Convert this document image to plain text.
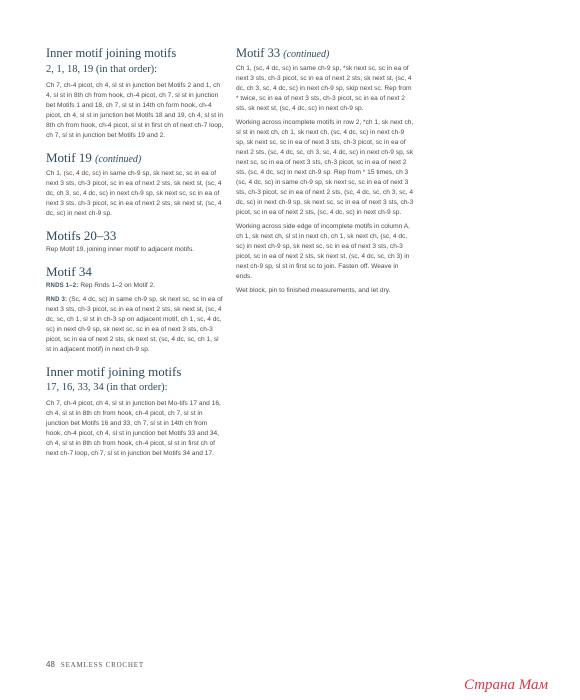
Inner motif joining motifs
2, 1, 18, 19 (in that order):

Ch 7, ch-4 picot, ch 4, sl st in junction bet Motifs 2 and 1, ch 4, sl st in 8th ch from hook, ch-4 picot, ch 7, sl st in junction bet Motifs 1 and 18, ch 7, sl st in 14th ch form hook, ch-4 picot, ch 4, sl st in junction bet Motifs 18 and 19, ch 4, sl st in 8th ch from hook, ch-4 picot, sl st in first ch of next ch-7 loop, ch 7, sl st in junction bet Motifs 19 and 2.

Motif 19 (continued)

Ch 1, (sc, 4 dc, sc) in same ch-9 sp, sk next sc, sc in ea of next 3 sts, ch-3 picot, sc in ea of next 2 sts, sk next st, (sc, 4 dc, ch 3, sc, 4 dc, sc) in next ch-9 sp, sk next sc, sc in ea of next 3 sts, ch-3 picot, sc in ea of next 2 sts, sk next st, (sc, 4 dc, sc) in next ch-9 sp.

Motifs 20–33

Rep Motif 19, joining inner motif to adjacent motifs.

Motif 34

RNDS 1–2: Rep Rnds 1–2 on Motif 2.

RND 3: (Sc, 4 dc, sc) in same ch-9 sp, sk next sc, sc in ea of next 3 sts, ch-3 picot, sc in ea of next 2 sts, sk next st, (sc, 4 dc, sc, ch 1, sl st in ch-3 sp on adjacent motif, ch 1, sc, 4 dc, sc) in next ch-9 sp, sk next sc, sc in ea of next 3 sts, ch-3 picot, sc in ea of next 2 sts, sk next st, (sc, 4 dc, sc, ch 1, sl st in adjacent motif) in next ch-9 sp.

Inner motif joining motifs
17, 16, 33, 34 (in that order):

Ch 7, ch-4 picot, ch 4, sl st in junction bet Mo-tifs 17 and 16, ch 4, sl st in 8th ch from hook, ch-4 picot, ch 7, sl st in junction bet Motifs 16 and 33, ch 7, sl st in 14th ch from hook, ch-4 picot, ch 4, sl st in junction bet Motifs 33 and 34, ch 4, sl st in 8th ch from hook, ch-4 picot, sl st in first ch of next ch-7 loop, ch 7, sl st in junction bet Motifs 34 and 17.

Motif 33 (continued)

Ch 1, (sc, 4 dc, sc) in same ch-9 sp, *sk next sc, sc in ea of next 3 sts, ch-3 picot, sc in ea of next 2 sts, sk next st, (sc, 4 dc, ch 3, sc, 4 dc, sc) in next ch-9 sp, skip next sc. Rep from * twice, sc in ea of next 3 sts, ch-3 picot, sc in ea of next 2 sts, sk next st, (sc, 4 dc, sc) in next ch-9 sp.

Working across incomplete motifs in row 2, *ch 1, sk next ch, sl st in next ch, ch 1, sk next ch, (sc, 4 dc, sc) in next ch-9 sp, sk next sc, sc in ea of next 3 sts, ch-3 picot, sc in ea of next 2 sts, (sc, 4 dc, sc, ch 3, sc, 4 dc, sc) in next ch-9 sp, sk next sc, sc in ea of next 3 sts, ch-3 picot, sc in ea of next 2 sts, (sc, 4 dc, sc) in next ch-9 sp. Rep from * 15 times, ch 3 (sc, 4 dc, sc) in same ch-9 sp, sk next sc, sc in ea of next 3 sts, ch-3 picot, sc in ea of next 2 sts, (sc, 4 dc, sc, ch 3, sc, 4 dc, sc) in next ch-9 sp, sk next sc, sc in ea of next 3 sts, ch-3 picot, sc in ea of next 2 sts, (sc, 4 dc, sc) in next ch-9 sp.

Working across side edge of incomplete motifs in column A, ch 1, sk next ch, sl st in next ch, ch 1, sk next ch, (sc, 4 dc, sc) in next ch-9 sp, sk next sc, sc in ea of next 3 sts, ch-3 picot, sc in ea of next 2 sts, sk next st, (sc, 4 dc, sc, ch 3) in next ch-9 sp, sl st in first sc to join. Fasten off. Weave in ends.

Wet block, pin to finished measurements, and let dry.

48 SEAMLESS CROCHET
Страна Мам
